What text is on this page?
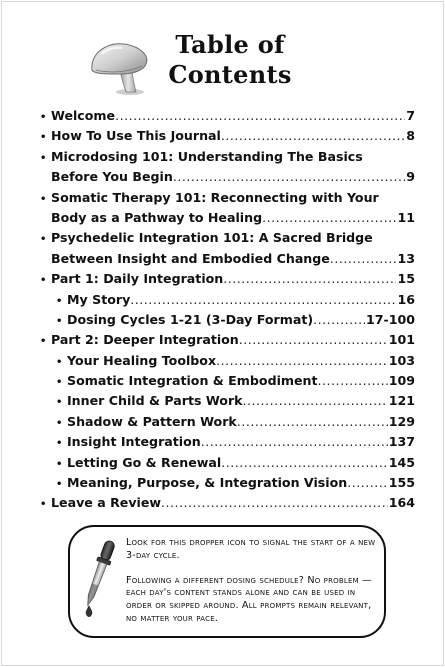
Table of
Contents
• Welcome .....	7
• How To Use This Journal .....	8
• Microdosing 101: Understanding The Basics
Before You Begin .....	9
• Somatic Therapy 101: Reconnecting with Your
Body as a Pathway to Healing .....	11
• Psychedelic Integration 101: A Sacred Bridge
Between Insight and Embodied Change .....	13
• Part 1: Daily Integration .....	15
• My Story .....	16
• Dosing Cycles 1-21 (3-Day Format) .....	17-100
• Part 2: Deeper Integration .....	101
• Your Healing Toolbox .....	103
• Somatic Integration & Embodiment .....	109
• Inner Child & Parts Work .....	121
• Shadow & Pattern Work .....	129
• Insight Integration .....	137
• Letting Go & Renewal .....	145
• Meaning, Purpose, & Integration Vision .....	155
• Leave a Review .....	164

Look for this dropper icon to signal the start of a new 3-day cycle.

Following a different dosing schedule? No problem — each day's content stands alone and can be used in order or skipped around. All prompts remain relevant, no matter your pace.
